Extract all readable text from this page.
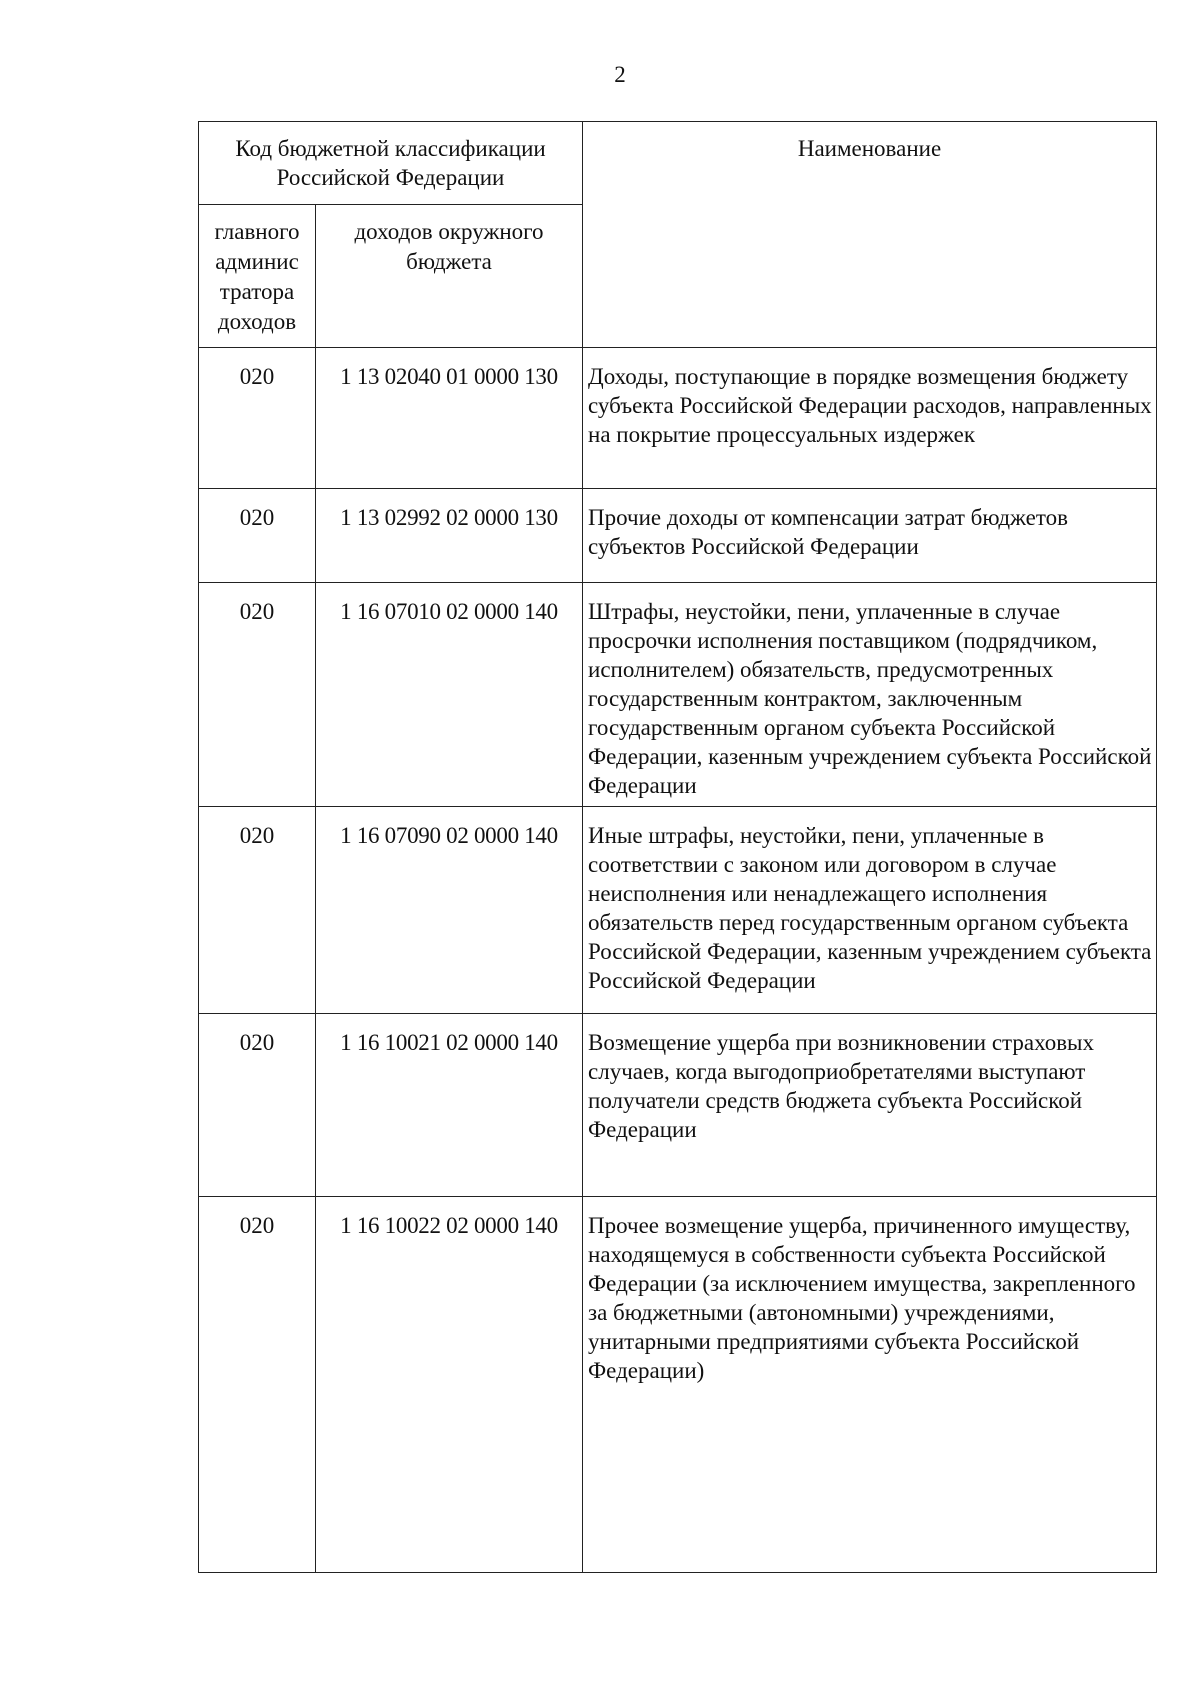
2
Код бюджетной классификации Российской Федерации		Наименование
главного админис тратора доходов	доходов окружного бюджета	
020	1 13 02040 01 0000 130	Доходы, поступающие в порядке возмещения бюджету субъекта Российской Федерации расходов, направленных на покрытие процессуальных издержек
020	1 13 02992 02 0000 130	Прочие доходы от компенсации затрат бюджетов субъектов Российской Федерации
020	1 16 07010 02 0000 140	Штрафы, неустойки, пени, уплаченные в случае просрочки исполнения поставщиком (подрядчиком, исполнителем) обязательств, предусмотренных государственным контрактом, заключенным государственным органом субъекта Российской Федерации, казенным учреждением субъекта Российской Федерации
020	1 16 07090 02 0000 140	Иные штрафы, неустойки, пени, уплаченные в соответствии с законом или договором в случае неисполнения или ненадлежащего исполнения обязательств перед государственным органом субъекта Российской Федерации, казенным учреждением субъекта Российской Федерации
020	1 16 10021 02 0000 140	Возмещение ущерба при возникновении страховых случаев, когда выгодоприобретателями выступают получатели средств бюджета субъекта Российской Федерации
020	1 16 10022 02 0000 140	Прочее возмещение ущерба, причиненного имуществу, находящемуся в собственности субъекта Российской Федерации (за исключением имущества, закрепленного за бюджетными (автономными) учреждениями, унитарными предприятиями субъекта Российской Федерации)
